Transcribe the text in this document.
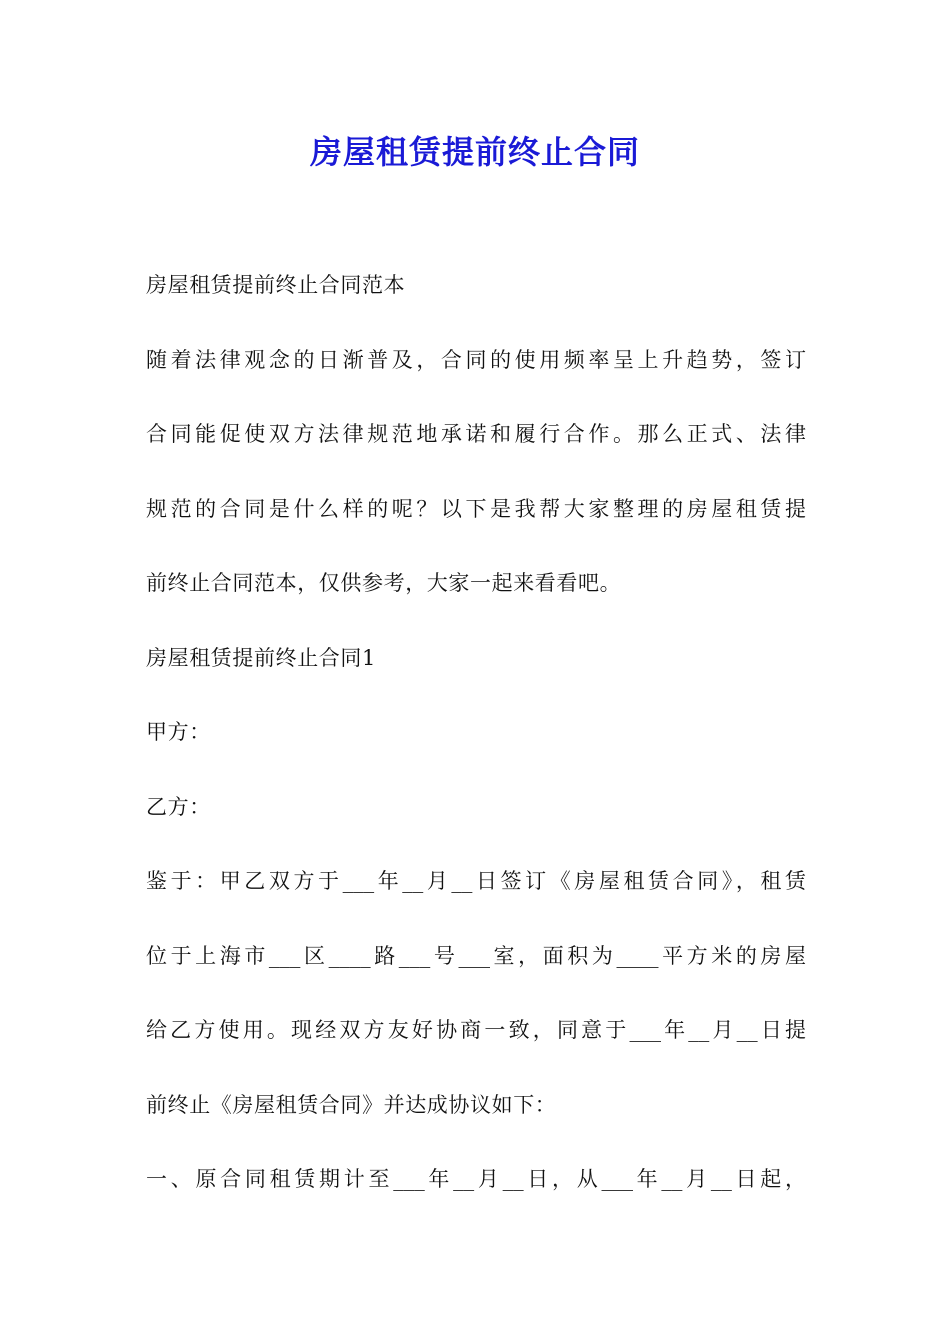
房屋租赁提前终止合同
房屋租赁提前终止合同范本
随着法律观念的日渐普及，合同的使用频率呈上升趋势，签订
合同能促使双方法律规范地承诺和履行合作。那么正式、法律
规范的合同是什么样的呢？以下是我帮大家整理的房屋租赁提
前终止合同范本，仅供参考，大家一起来看看吧。
房屋租赁提前终止合同1
甲方：
乙方：
鉴于：甲乙双方于___年__月__日签订《房屋租赁合同》，租赁
位于上海市___区____路___号___室，面积为____平方米的房屋
给乙方使用。现经双方友好协商一致，同意于___年__月__日提
前终止《房屋租赁合同》并达成协议如下：
一、原合同租赁期计至___年__月__日，从___年__月__日起，
